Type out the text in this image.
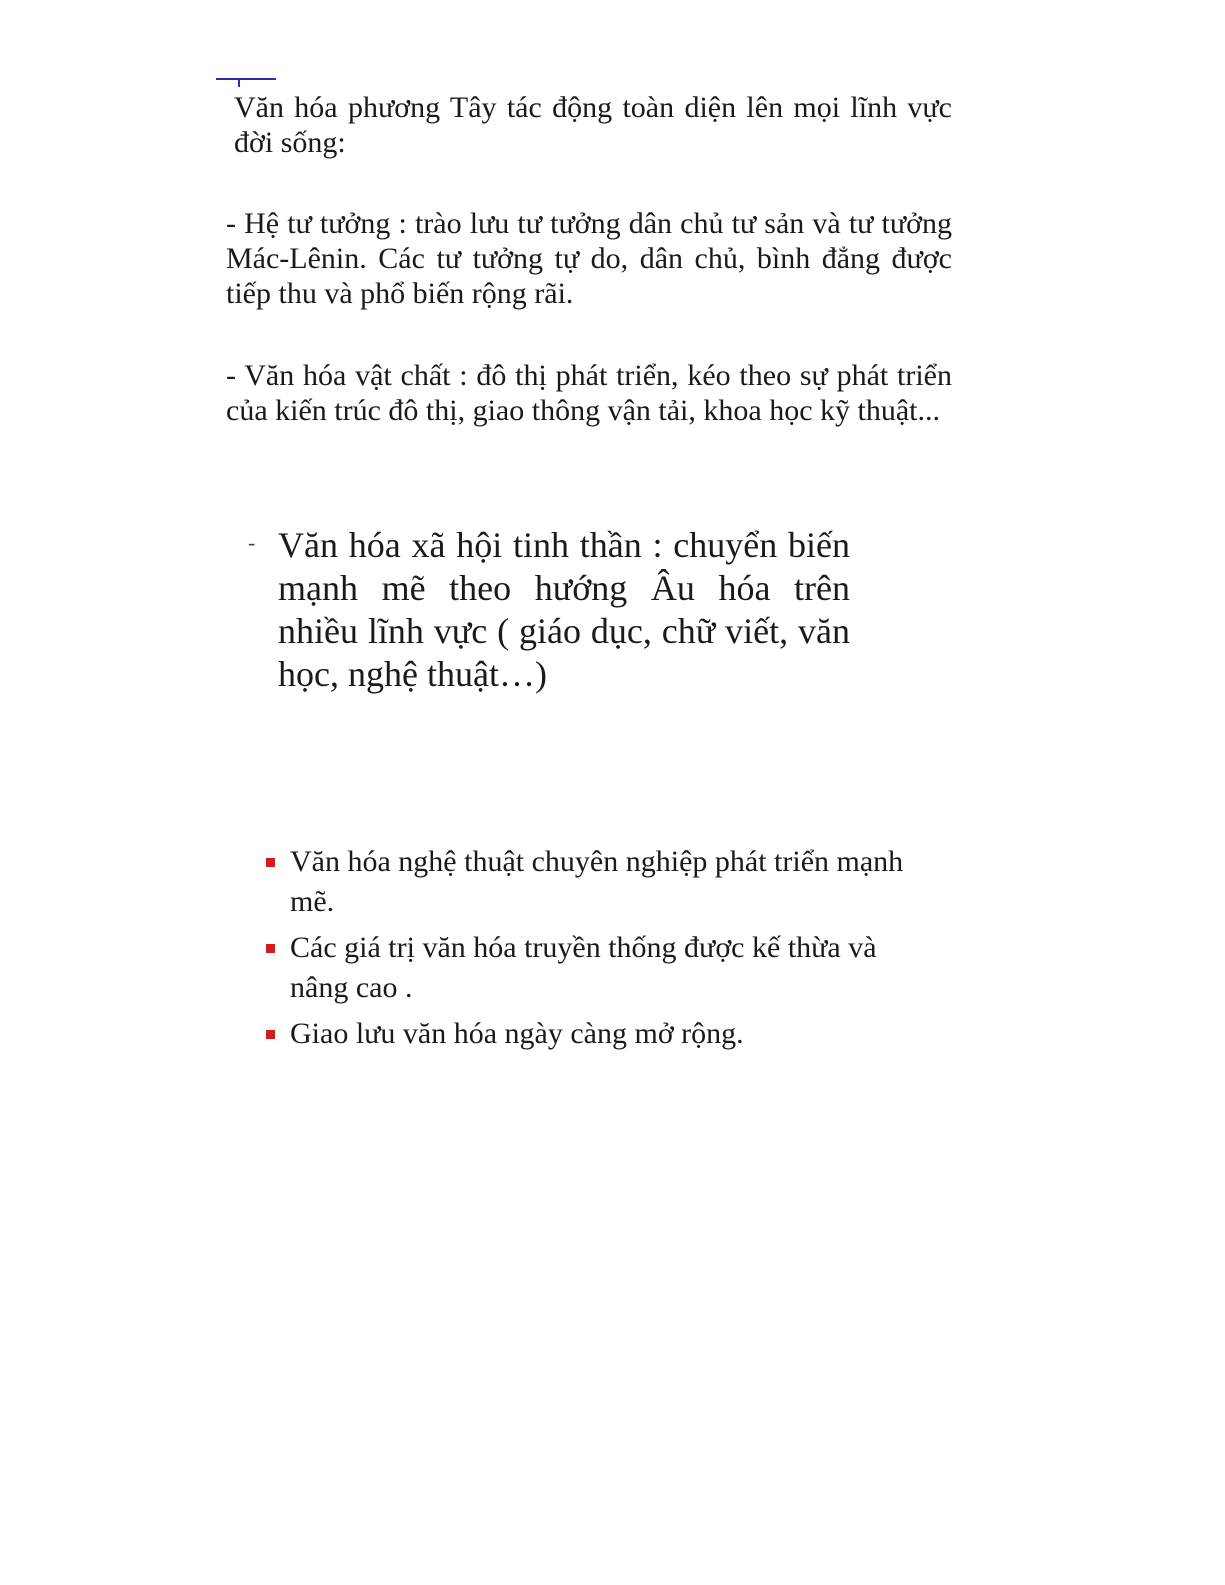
Văn hóa phương Tây tác động toàn diện lên mọi lĩnh vực đời sống:

- Hệ tư tưởng : trào lưu tư tưởng dân chủ tư sản và tư tưởng Mác-Lênin. Các tư tưởng tự do, dân chủ, bình đẳng được tiếp thu và phổ biến rộng rãi.

- Văn hóa vật chất : đô thị phát triển, kéo theo sự phát triển của kiến trúc đô thị, giao thông vận tải, khoa học kỹ thuật...

- Văn hóa xã hội tinh thần : chuyển biến mạnh mẽ theo hướng Âu hóa trên nhiều lĩnh vực ( giáo dục, chữ viết, văn học, nghệ thuật…)

Văn hóa nghệ thuật chuyên nghiệp phát triển mạnh mẽ.
Các giá trị văn hóa truyền thống được kế thừa và nâng cao .
Giao lưu văn hóa ngày càng mở rộng.
